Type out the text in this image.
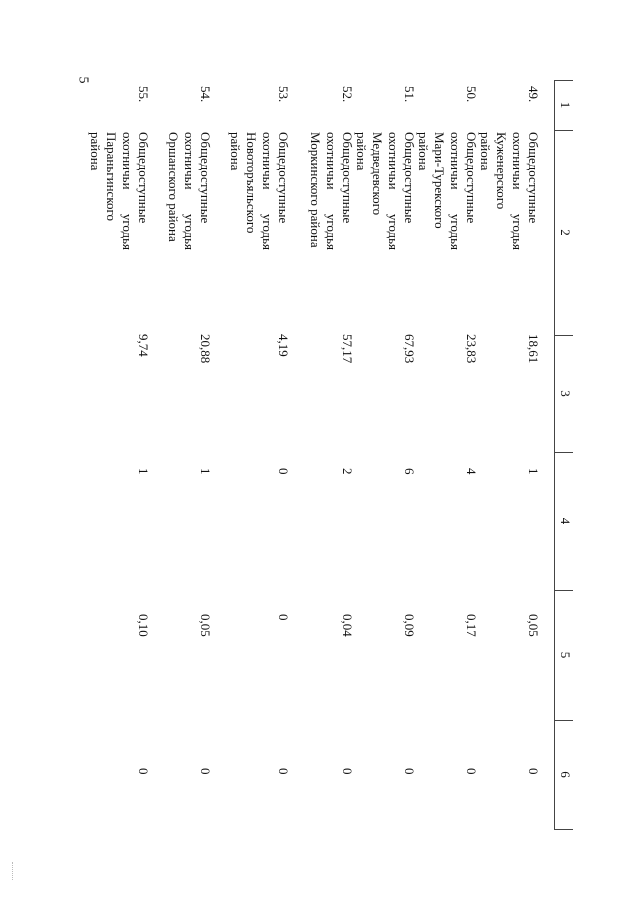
5
1
2
3
4
5
6
49.
Общедоступные
охотничьи угодья
Куженерского района
18,61
1
0,05
0
50.
Общедоступные
охотничьи угодья
Мари-Турекского района
23,83
4
0,17
0
51.
Общедоступные
охотничьи угодья
Медведевского района
67,93
6
0,09
0
52.
Общедоступные
охотничьи угодья
Моркинского района
57,17
2
0,04
0
53.
Общедоступные
охотничьи угодья
Новоторъяльского
района
4,19
0
0
0
54.
Общедоступные
охотничьи угодья
Оршанского района
20,88
1
0,05
0
55.
Общедоступные
охотничьи угодья
Параньгинского района
9,74
1
0,10
0
